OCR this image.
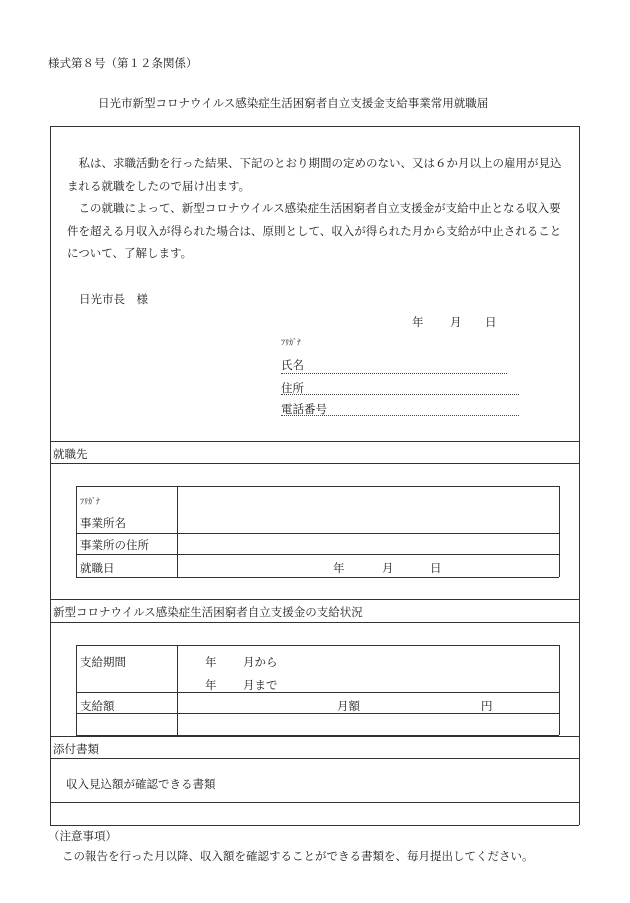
様式第８号（第１２条関係）
日光市新型コロナウイルス感染症生活困窮者自立支援金支給事業常用就職届
　私は、求職活動を行った結果、下記のとおり期間の定めのない、又は６か月以上の雇用が見込まれる就職をしたので届け出ます。
　この就職によって、新型コロナウイルス感染症生活困窮者自立支援金が支給中止となる収入要件を超える月収入が得られた場合は、原則として、収入が得られた月から支給が中止されることについて、了解します。
日光市長　様
年 月 日
ﾌﾘｶﾞﾅ
氏名
住所
電話番号
就職先
ﾌﾘｶﾞﾅ
事業所名
事業所の住所
就職日	年	月	日
新型コロナウイルス感染症生活困窮者自立支援金の支給状況
支給期間	年 月から
年 月まで
支給額	月額	円
添付書類
収入見込額が確認できる書類
（注意事項）
この報告を行った月以降、収入額を確認することができる書類を、毎月提出してください。
